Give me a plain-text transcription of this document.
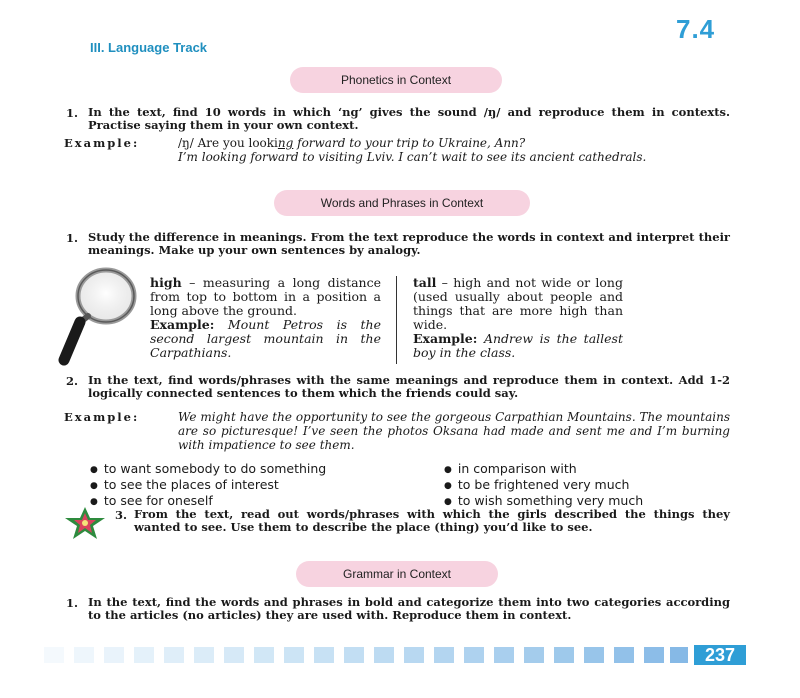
7.4
III. Language Track
Phonetics in Context
1. In the text, find 10 words in which ‘ng’ gives the sound /ŋ/ and reproduce them in contexts. Practise saying them in your own context.
Example:	/ŋ/ Are you looking forward to your trip to Ukraine, Ann?
I’m looking forward to visiting Lviv. I can’t wait to see its ancient cathedrals.
Words and Phrases in Context
1. Study the difference in meanings. From the text reproduce the words in context and interpret their meanings. Make up your own sentences by analogy.
high – measuring a long distance from top to bottom in a position a long above the ground.
Example: Mount Petros is the second largest mountain in the Carpathians.
tall – high and not wide or long (used usually about people and things that are more high than wide.
Example: Andrew is the tallest boy in the class.
2. In the text, find words/phrases with the same meanings and reproduce them in context. Add 1-2 logically connected sentences to them which the friends could say.
Example:	We might have the opportunity to see the gorgeous Carpathian Mountains. The mountains are so picturesque! I’ve seen the photos Oksana had made and sent me and I’m burning with impatience to see them.
● to want somebody to do something
● to see the places of interest
● to see for oneself
● in comparison with
● to be frightened very much
● to wish something very much
3. From the text, read out words/phrases with which the girls described the things they wanted to see. Use them to describe the place (thing) you’d like to see.
Grammar in Context
1. In the text, find the words and phrases in bold and categorize them into two categories according to the articles (no articles) they are used with. Reproduce them in context.
237
